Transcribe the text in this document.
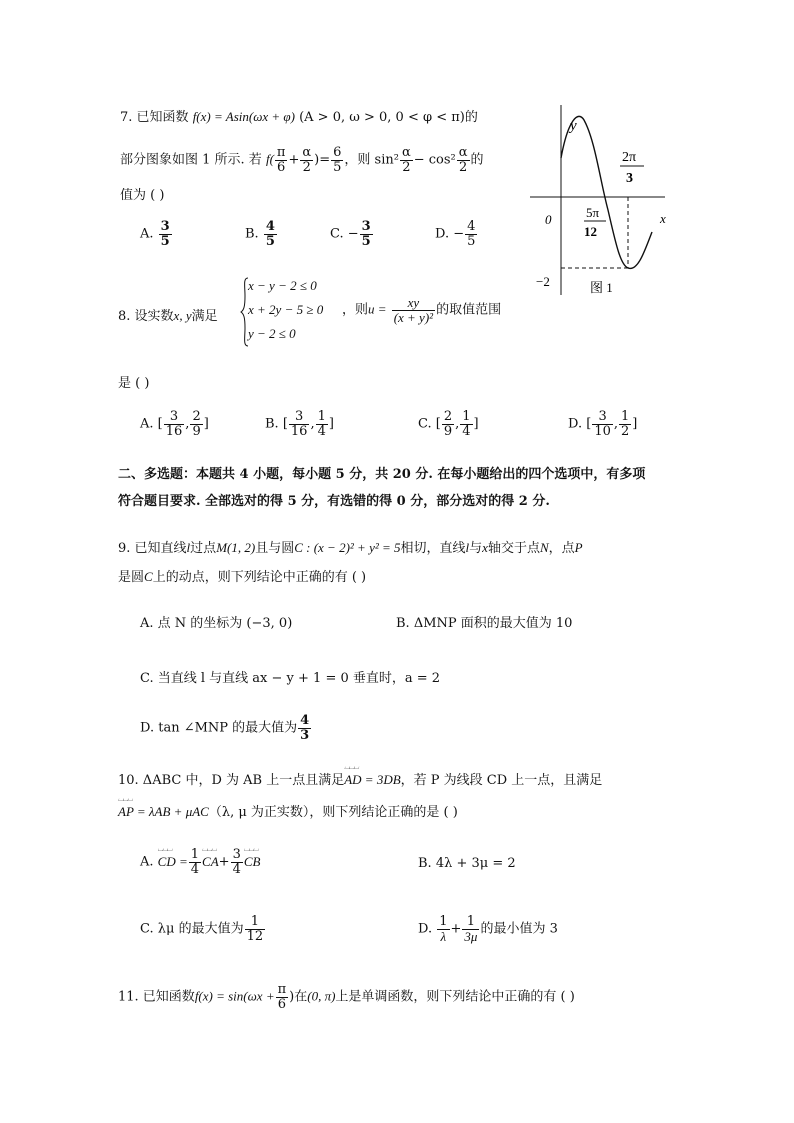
7. 已知函数 f(x) = Asin(ωx + φ) (A > 0, ω > 0, 0 < φ < π)的
部分图象如图 1 所示. 若 $f( \frac{\pi}{6} + \frac{\alpha}{2}$ )= $\frac{6}{5}$ ，则 $\sin^2 \frac{\alpha}{2} - \cos^2 \frac{\alpha}{2}$ 的
值为 ( )
A. $\frac{3}{5}$	B. $\frac{4}{5}$	C. − $\frac{3}{5}$	D. − $\frac{4}{5}$
y
x
0
−2
5π
12
2π
3
图 1
8. 设实数x, y满足
x − y − 2 ≤ 0
x + 2y − 5 ≥ 0
y − 2 ≤ 0
，则$u = \frac{xy}{\text{(x + y)²}}$ 的取值范围
是 ( )
A. [ $\frac{3}{16}$ , $\frac{2}{9}$ ]	B. [ $\frac{3}{16}$ , $\frac{1}{4}$ ]	C. [ $\frac{2}{9}$ , $\frac{1}{4}$ ]	D. [ $\frac{3}{10}$ , $\frac{1}{2}$ ]
二、多选题：本题共 4 小题，每小题 5 分，共 20 分. 在每小题给出的四个选项中，有多项
符合题目要求. 全部选对的得 5 分，有选错的得 0 分，部分选对的得 2 分.
9. 已知直线l过点M(1, 2)且与圆C : (x − 2)² + y² = 5相切，直线l与x轴交于点N，点P
是圆C上的动点，则下列结论中正确的有 ( )
A. 点 N 的坐标为 (−3, 0)	B. ΔMNP 面积的最大值为 10
C. 当直线 l 与直线 ax − y + 1 = 0 垂直时，a = 2
D. tan ∠MNP 的最大值为 $\frac{4}{3}$
10. ΔABC 中，D 为 AB 上一点且满足⌴⌴⌴ AD = 3DB，若 P 为线段 CD 上一点，且满足
⌴⌴⌴ AP = λAB + μAC（λ, μ 为正实数），则下列结论正确的是 ( )
A. ⌴⌴⌴ CD = $\frac{1}{4}$ ⌴⌴⌴ $CA+ \frac{3}{4}$ ⌴⌴⌴ CB	B. 4λ + 3μ = 2
C. λμ 的最大值为 $\frac{1}{12}$	D. $\frac{1}{\lambda} + \frac{1}{3\mu}$ 的最小值为 3
11. 已知函数$f(x) = \sin(\omega x + \frac{\pi}{6}$ )在(0, π)上是单调函数，则下列结论中正确的有 ( )
